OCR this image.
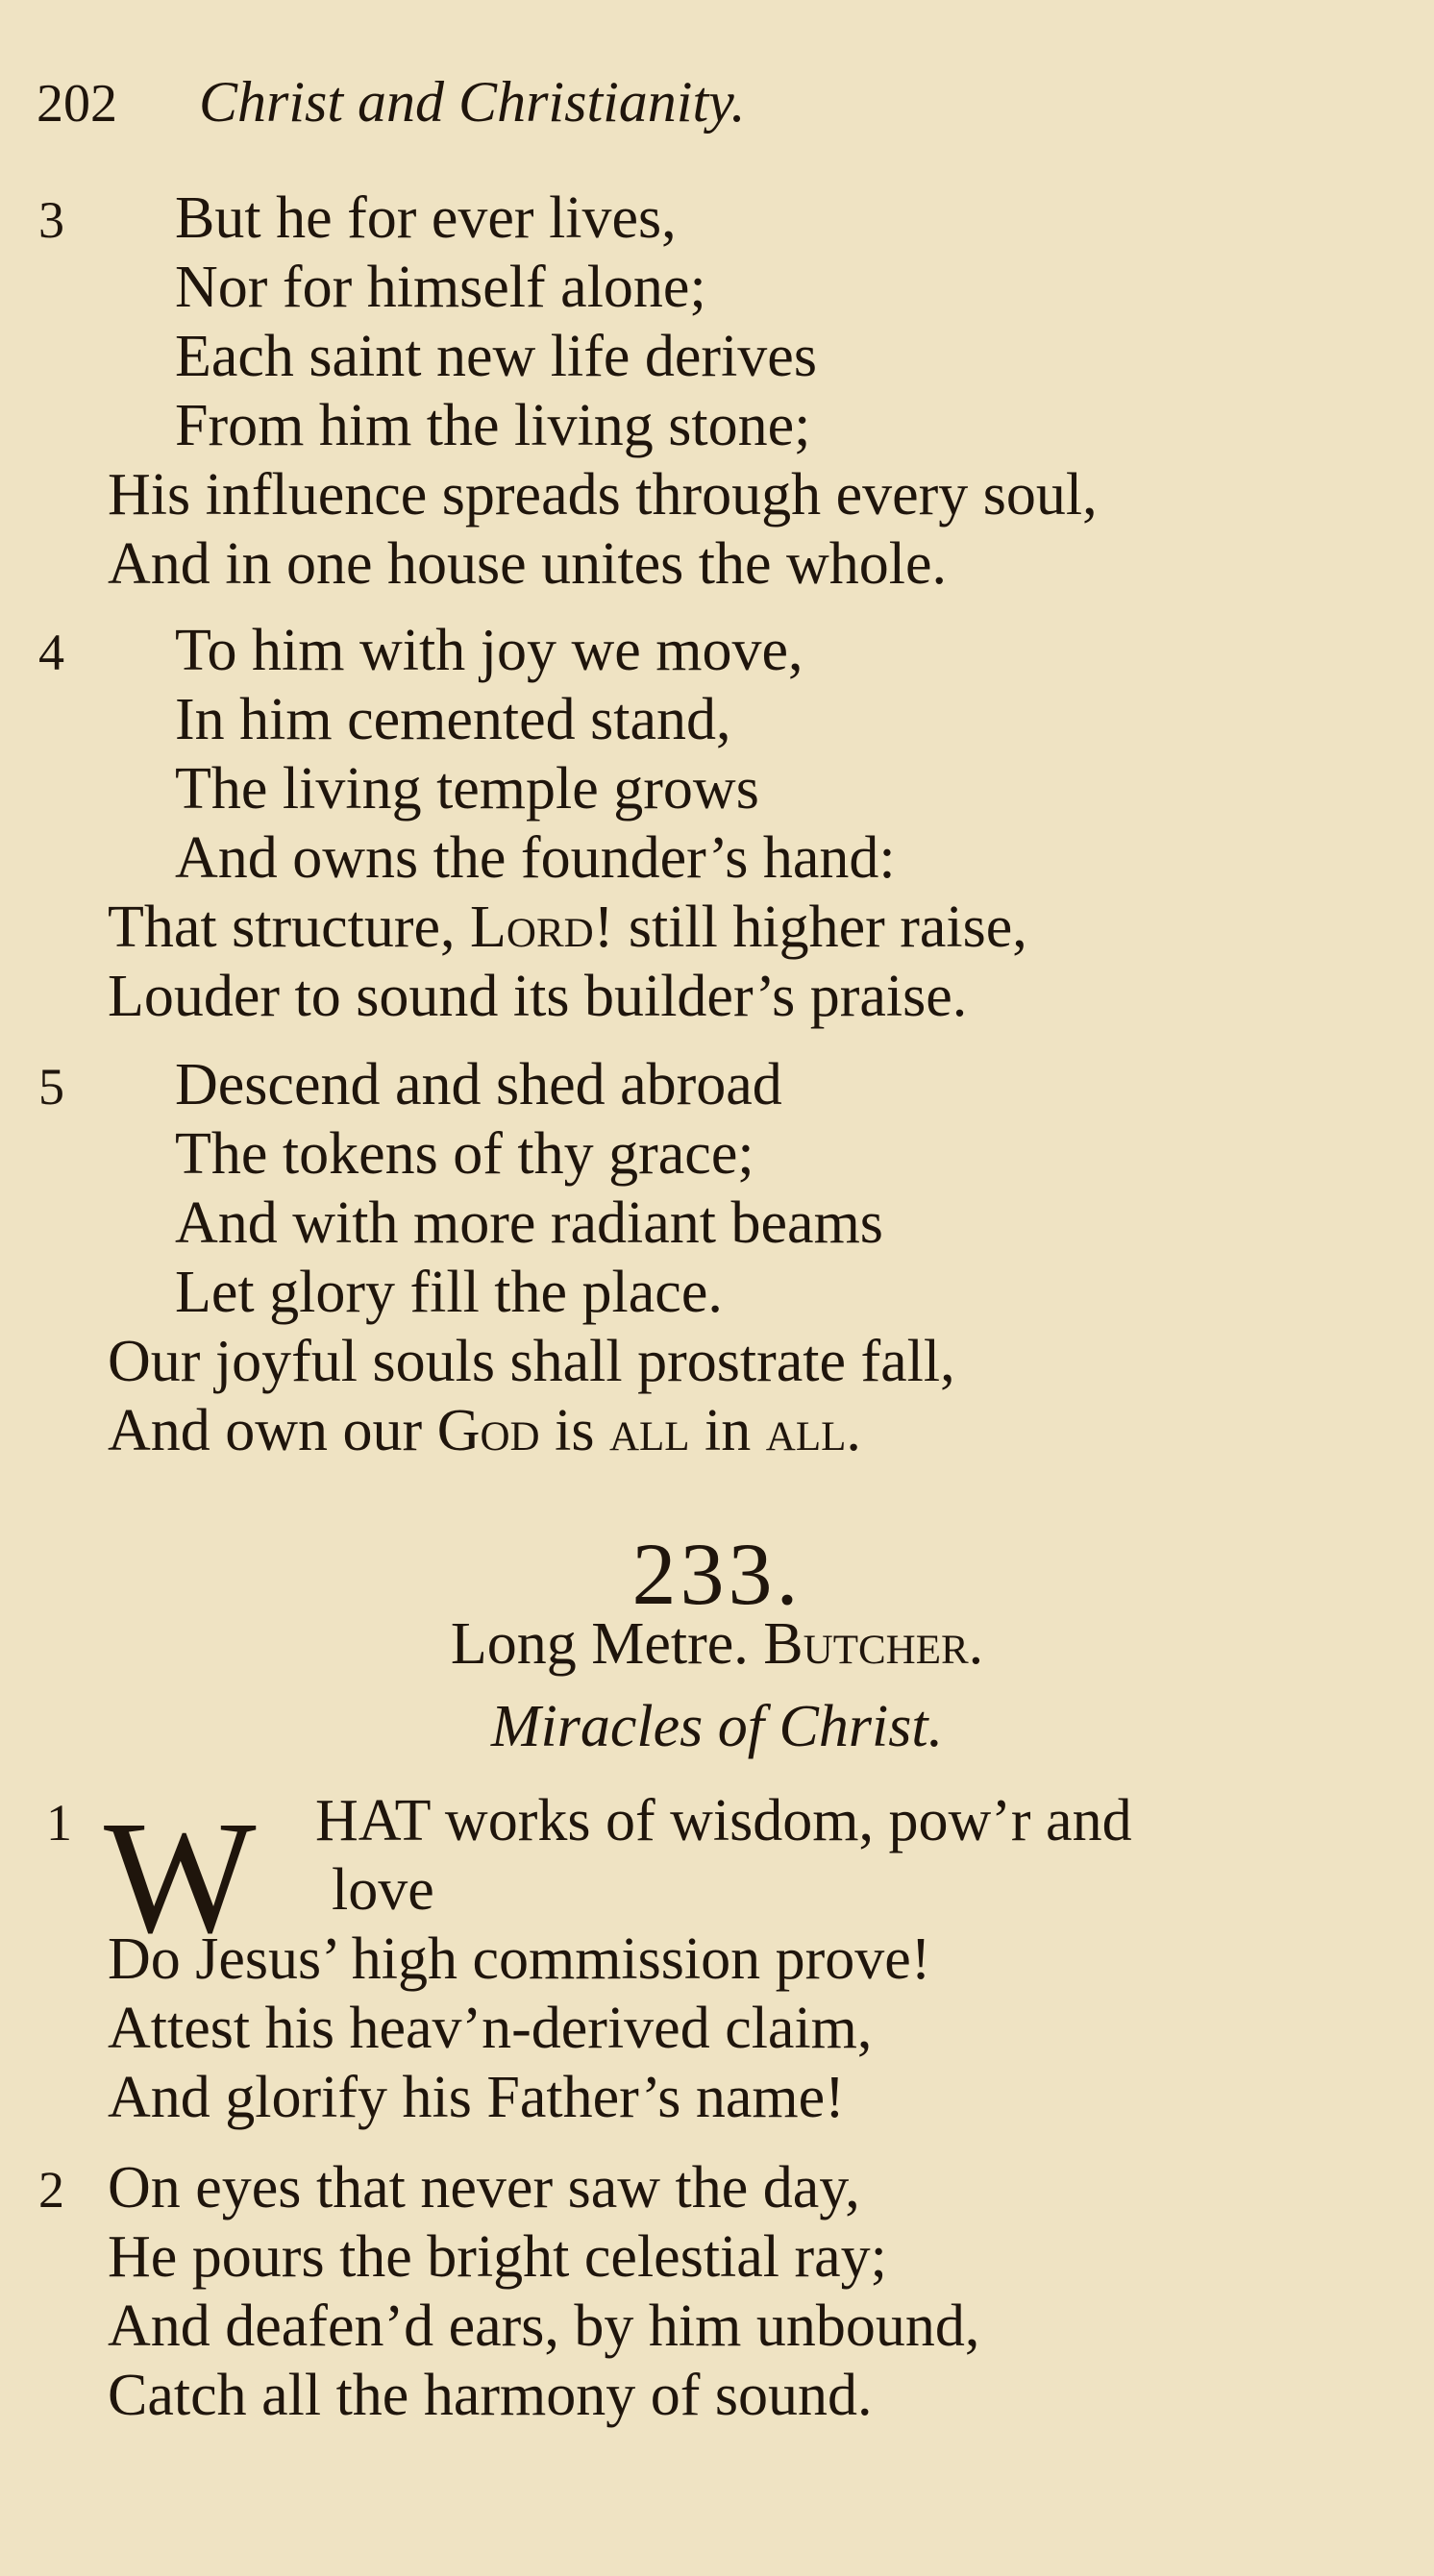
202 Christ and Christianity.
3 But he for ever lives,
Nor for himself alone;
Each saint new life derives
From him the living stone;
His influence spreads through every soul,
And in one house unites the whole.
4 To him with joy we move,
In him cemented stand,
The living temple grows
And owns the founder’s hand:
That structure, Lord! still higher raise,
Louder to sound its builder’s praise.
5 Descend and shed abroad
The tokens of thy grace;
And with more radiant beams
Let glory fill the place.
Our joyful souls shall prostrate fall,
And own our God is all in all.
233.
Long Metre. Butcher.
Miracles of Christ.
1 W HAT works of wisdom, pow’r and
love
Do Jesus’ high commission prove!
Attest his heav’n-derived claim,
And glorify his Father’s name!
2 On eyes that never saw the day,
He pours the bright celestial ray;
And deafen’d ears, by him unbound,
Catch all the harmony of sound.
